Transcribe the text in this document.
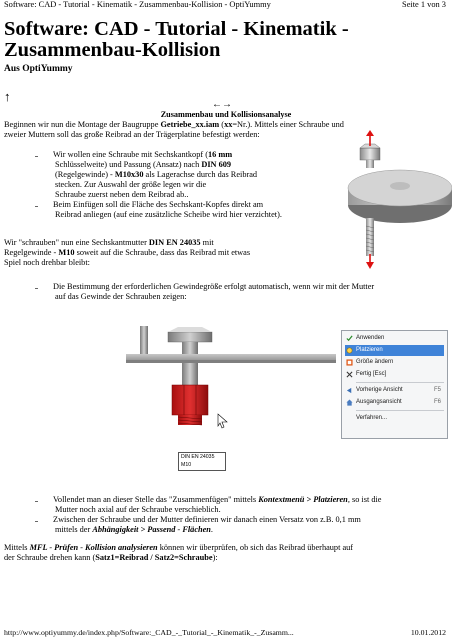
Software: CAD - Tutorial - Kinematik - Zusammenbau-Kollision - OptiYummy	Seite 1 von 3
Software: CAD - Tutorial - Kinematik - Zusammenbau-Kollision
Aus OptiYummy
↑
←→
Zusammenbau und Kollisionsanalyse
Beginnen wir nun die Montage der Baugruppe Getriebe_xx.iam (xx=Nr.). Mittels einer Schraube und
zweier Muttern soll das große Reibrad an der Trägerplatine befestigt werden:
Wir wollen eine Schraube mit Sechskantkopf (16 mm
Schlüsselweite) und Passung (Ansatz) nach DIN 609
(Regelgewinde) - M10x30 als Lagerachse durch das Reibrad
stecken. Zur Auswahl der größe legen wir die
Schraube zuerst neben dem Reibrad ab..
Beim Einfügen soll die Fläche des Sechskant-Kopfes direkt am
Reibrad anliegen (auf eine zusätzliche Scheibe wird hier verzichtet).
Wir "schrauben" nun eine Sechskantmutter DIN EN 24035 mit
Regelgewinde - M10 soweit auf die Schraube, dass das Reibrad mit etwas
Spiel noch drehbar bleibt:
Die Bestimmung der erforderlichen Gewindegröße erfolgt automatisch, wenn wir mit der Mutter
auf das Gewinde der Schrauben zeigen:
DIN EN 24035
M10
Anwenden
Platzieren
Größe ändern
Fertig [Esc]
Vorherige Ansicht	F5
Ausgangsansicht	F6
Verfahren...
Vollendet man an dieser Stelle das "Zusammenfügen" mittels Kontextmenü > Platzieren, so ist die
Mutter noch axial auf der Schraube verschieblich.
Zwischen der Schraube und der Mutter definieren wir danach einen Versatz von z.B. 0,1 mm
mittels der Abhängigkeit > Passend - Flächen.
Mittels MFL - Prüfen - Kollision analysieren können wir überprüfen, ob sich das Reibrad überhaupt auf
der Schraube drehen kann (Satz1=Reibrad / Satz2=Schraube):
http://www.optiyummy.de/index.php/Software:_CAD_-_Tutorial_-_Kinematik_-_Zusamm...	10.01.2012
